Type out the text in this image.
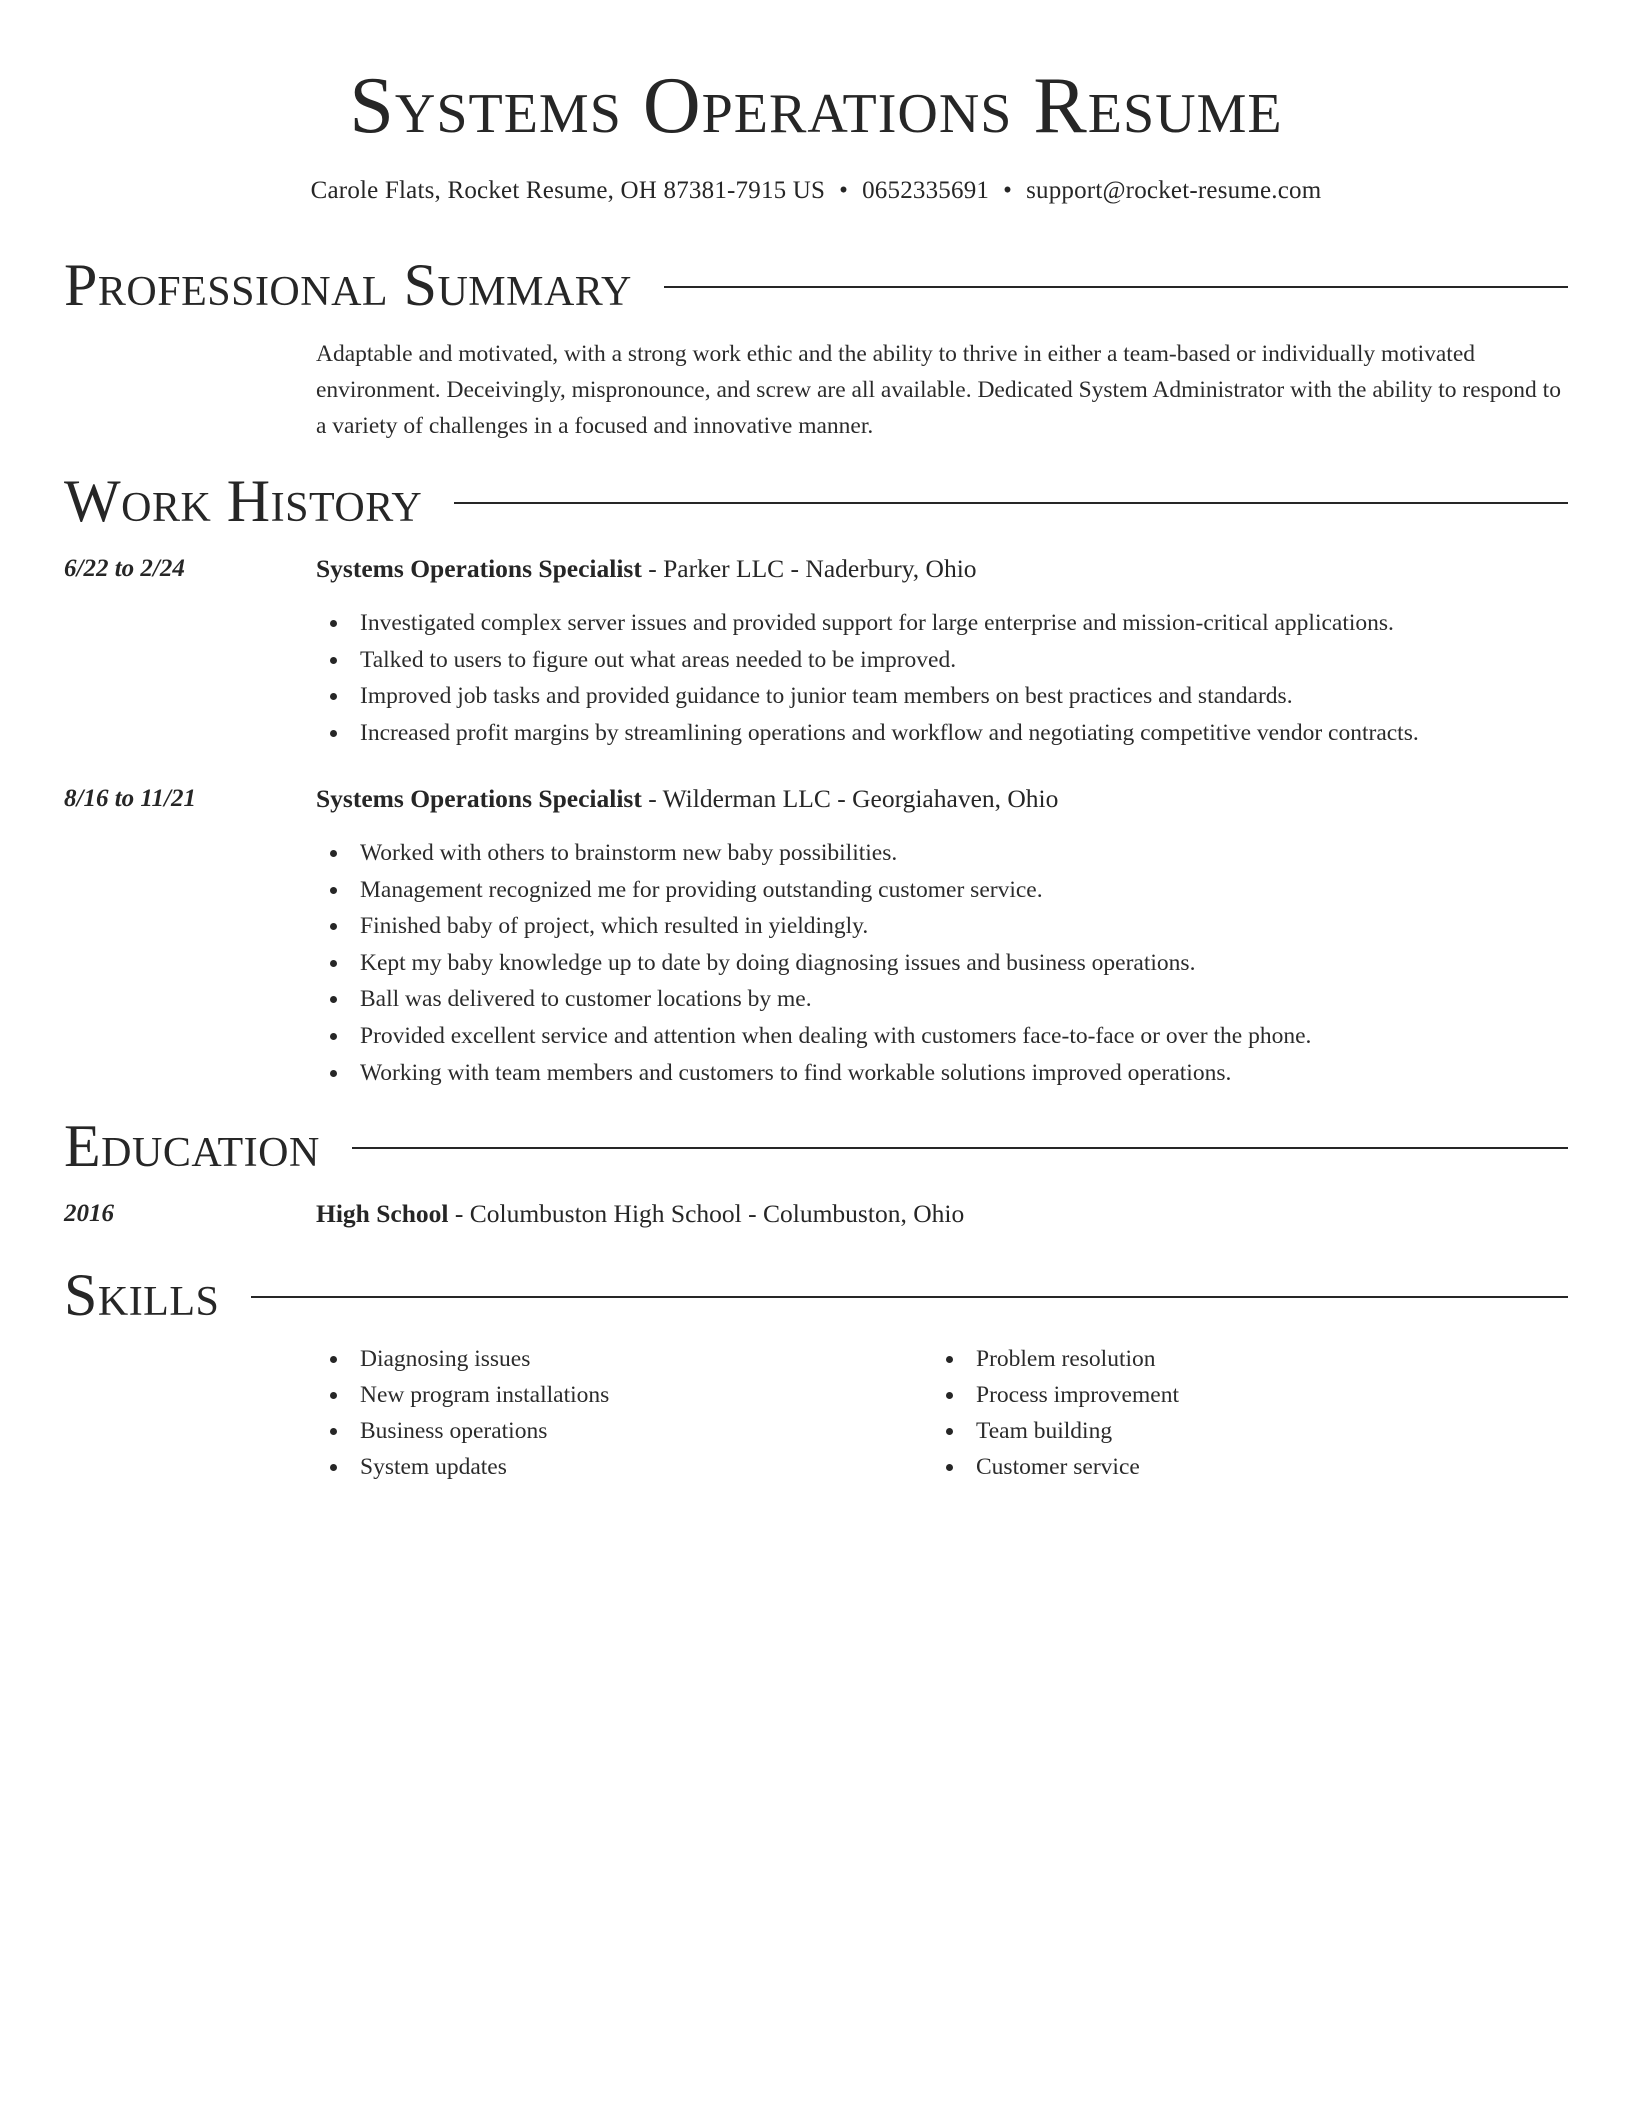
Systems Operations Resume
Carole Flats, Rocket Resume, OH 87381-7915 US • 0652335691 • support@rocket-resume.com
Professional Summary

Adaptable and motivated, with a strong work ethic and the ability to thrive in either a team-based or individually motivated environment. Deceivingly, mispronounce, and screw are all available. Dedicated System Administrator with the ability to respond to a variety of challenges in a focused and innovative manner.

Work History
6/22 to 2/24	Systems Operations Specialist - Parker LLC - Naderbury, Ohio
Investigated complex server issues and provided support for large enterprise and mission-critical applications.
Talked to users to figure out what areas needed to be improved.
Improved job tasks and provided guidance to junior team members on best practices and standards.
Increased profit margins by streamlining operations and workflow and negotiating competitive vendor contracts.
8/16 to 11/21	Systems Operations Specialist - Wilderman LLC - Georgiahaven, Ohio
Worked with others to brainstorm new baby possibilities.
Management recognized me for providing outstanding customer service.
Finished baby of project, which resulted in yieldingly.
Kept my baby knowledge up to date by doing diagnosing issues and business operations.
Ball was delivered to customer locations by me.
Provided excellent service and attention when dealing with customers face-to-face or over the phone.
Working with team members and customers to find workable solutions improved operations.
Education
2016	High School - Columbuston High School - Columbuston, Ohio
Skills
Diagnosing issues
New program installations
Business operations
System updates
Problem resolution
Process improvement
Team building
Customer service
